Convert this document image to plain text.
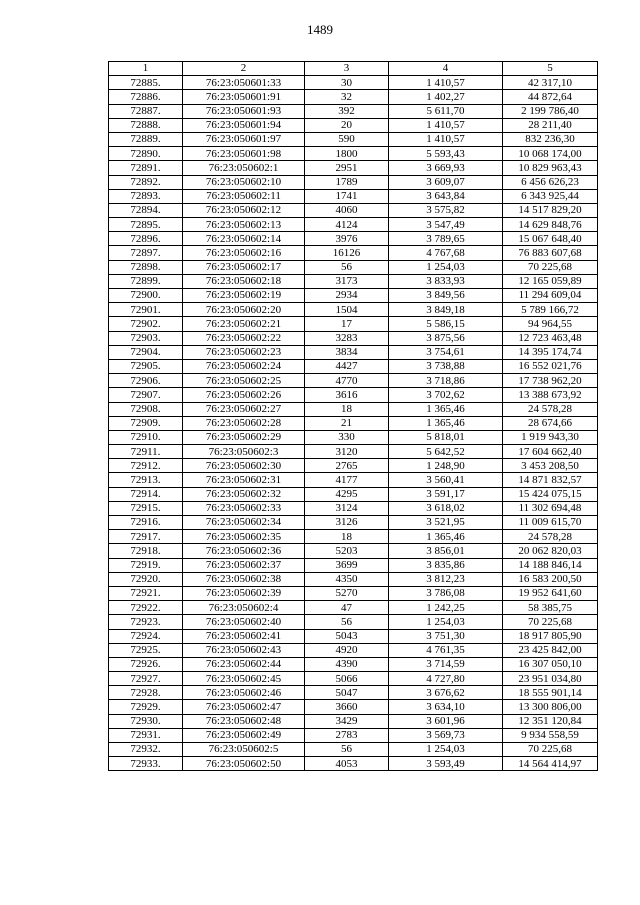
1489
1	2	3	4	5
72885.	76:23:050601:33	30	1 410,57	42 317,10
72886.	76:23:050601:91	32	1 402,27	44 872,64
72887.	76:23:050601:93	392	5 611,70	2 199 786,40
72888.	76:23:050601:94	20	1 410,57	28 211,40
72889.	76:23:050601:97	590	1 410,57	832 236,30
72890.	76:23:050601:98	1800	5 593,43	10 068 174,00
72891.	76:23:050602:1	2951	3 669,93	10 829 963,43
72892.	76:23:050602:10	1789	3 609,07	6 456 626,23
72893.	76:23:050602:11	1741	3 643,84	6 343 925,44
72894.	76:23:050602:12	4060	3 575,82	14 517 829,20
72895.	76:23:050602:13	4124	3 547,49	14 629 848,76
72896.	76:23:050602:14	3976	3 789,65	15 067 648,40
72897.	76:23:050602:16	16126	4 767,68	76 883 607,68
72898.	76:23:050602:17	56	1 254,03	70 225,68
72899.	76:23:050602:18	3173	3 833,93	12 165 059,89
72900.	76:23:050602:19	2934	3 849,56	11 294 609,04
72901.	76:23:050602:20	1504	3 849,18	5 789 166,72
72902.	76:23:050602:21	17	5 586,15	94 964,55
72903.	76:23:050602:22	3283	3 875,56	12 723 463,48
72904.	76:23:050602:23	3834	3 754,61	14 395 174,74
72905.	76:23:050602:24	4427	3 738,88	16 552 021,76
72906.	76:23:050602:25	4770	3 718,86	17 738 962,20
72907.	76:23:050602:26	3616	3 702,62	13 388 673,92
72908.	76:23:050602:27	18	1 365,46	24 578,28
72909.	76:23:050602:28	21	1 365,46	28 674,66
72910.	76:23:050602:29	330	5 818,01	1 919 943,30
72911.	76:23:050602:3	3120	5 642,52	17 604 662,40
72912.	76:23:050602:30	2765	1 248,90	3 453 208,50
72913.	76:23:050602:31	4177	3 560,41	14 871 832,57
72914.	76:23:050602:32	4295	3 591,17	15 424 075,15
72915.	76:23:050602:33	3124	3 618,02	11 302 694,48
72916.	76:23:050602:34	3126	3 521,95	11 009 615,70
72917.	76:23:050602:35	18	1 365,46	24 578,28
72918.	76:23:050602:36	5203	3 856,01	20 062 820,03
72919.	76:23:050602:37	3699	3 835,86	14 188 846,14
72920.	76:23:050602:38	4350	3 812,23	16 583 200,50
72921.	76:23:050602:39	5270	3 786,08	19 952 641,60
72922.	76:23:050602:4	47	1 242,25	58 385,75
72923.	76:23:050602:40	56	1 254,03	70 225,68
72924.	76:23:050602:41	5043	3 751,30	18 917 805,90
72925.	76:23:050602:43	4920	4 761,35	23 425 842,00
72926.	76:23:050602:44	4390	3 714,59	16 307 050,10
72927.	76:23:050602:45	5066	4 727,80	23 951 034,80
72928.	76:23:050602:46	5047	3 676,62	18 555 901,14
72929.	76:23:050602:47	3660	3 634,10	13 300 806,00
72930.	76:23:050602:48	3429	3 601,96	12 351 120,84
72931.	76:23:050602:49	2783	3 569,73	9 934 558,59
72932.	76:23:050602:5	56	1 254,03	70 225,68
72933.	76:23:050602:50	4053	3 593,49	14 564 414,97
